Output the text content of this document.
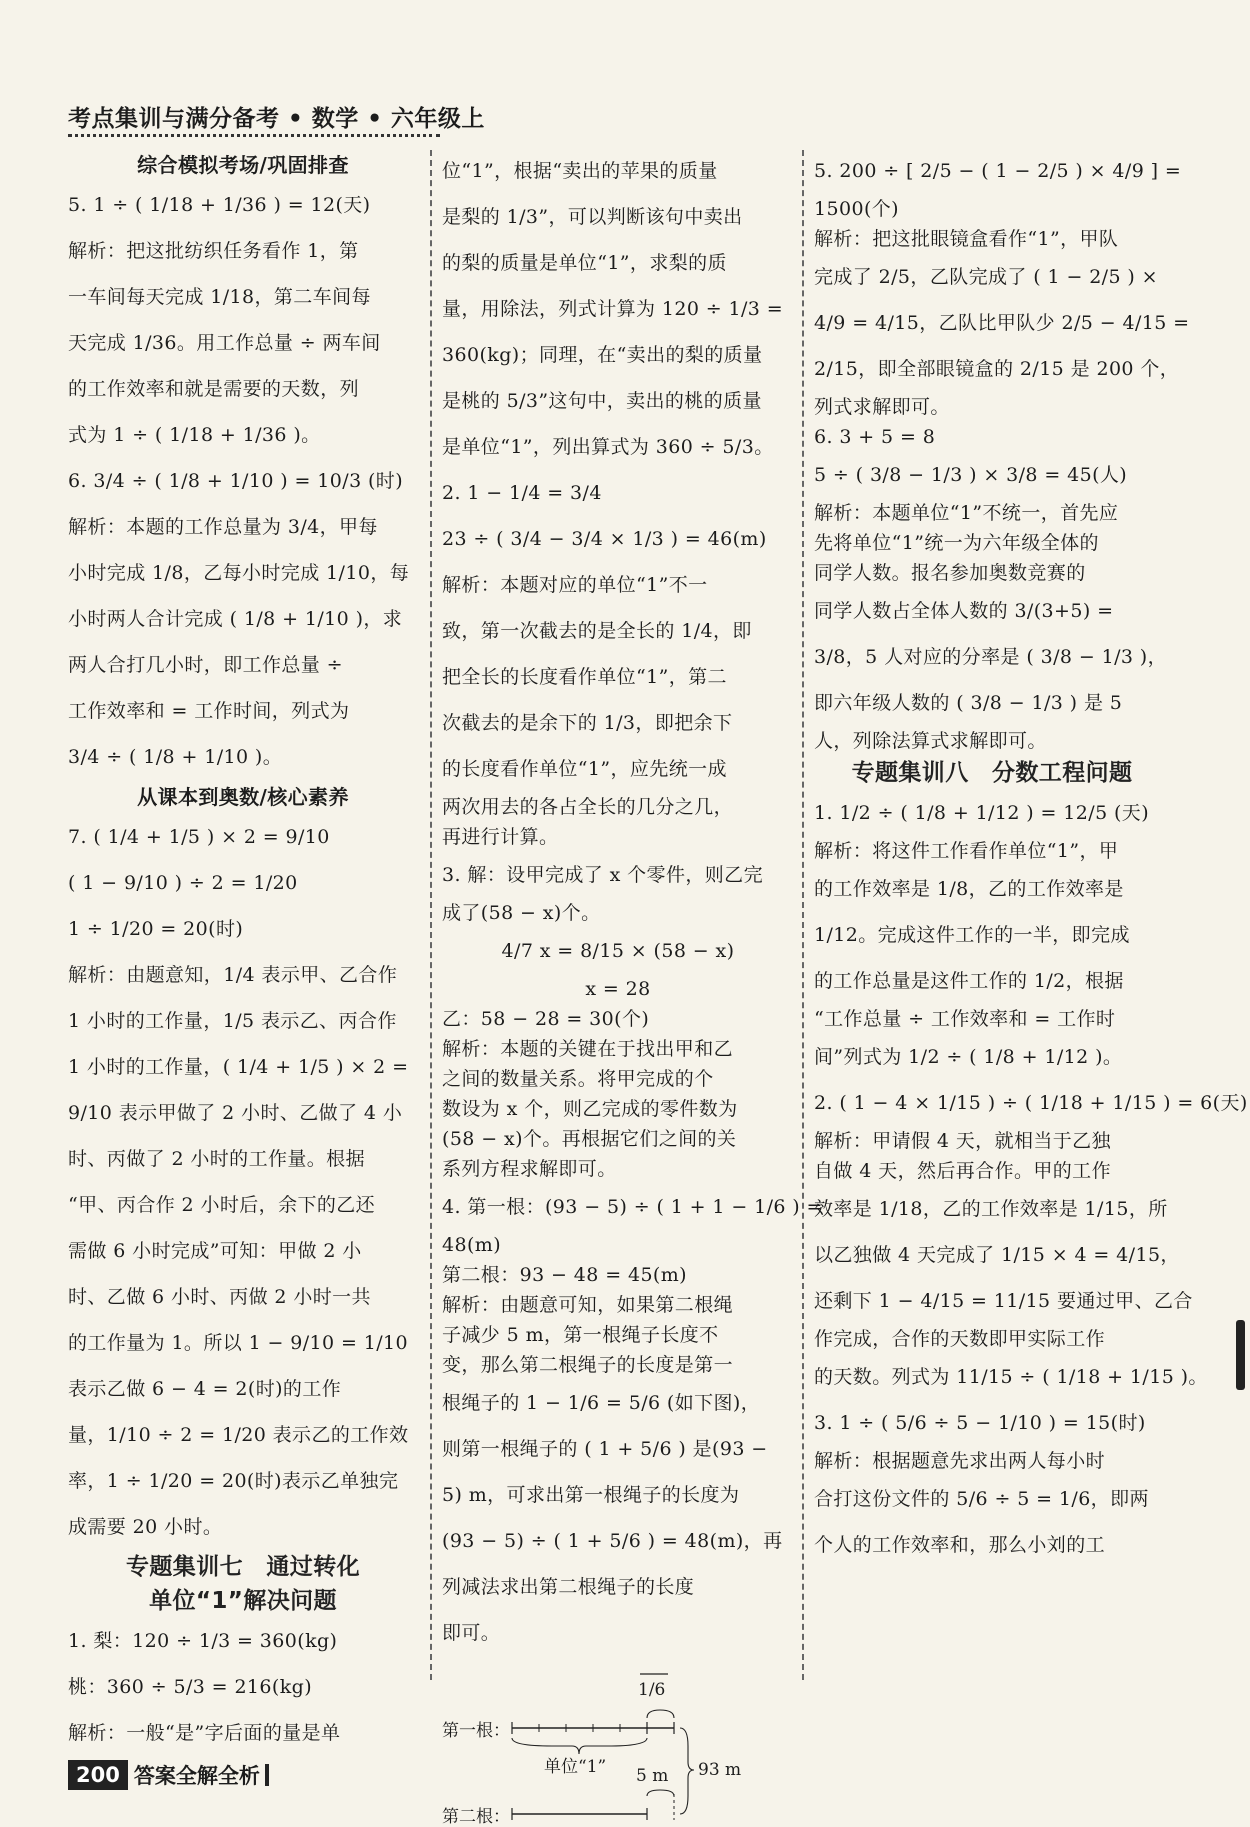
考点集训与满分备考 • 数学 • 六年级上
综合模拟考场/巩固排查
5. 1 ÷ ( 1/18 + 1/36 ) = 12(天)
解析：把这批纺织任务看作 1，第
一车间每天完成 1/18，第二车间每
天完成 1/36。用工作总量 ÷ 两车间
的工作效率和就是需要的天数，列
式为 1 ÷ ( 1/18 + 1/36 )。
6. 3/4 ÷ ( 1/8 + 1/10 ) = 10/3 (时)
解析：本题的工作总量为 3/4，甲每
小时完成 1/8，乙每小时完成 1/10，每
小时两人合计完成 ( 1/8 + 1/10 )，求
两人合打几小时，即工作总量 ÷
工作效率和 = 工作时间，列式为
3/4 ÷ ( 1/8 + 1/10 )。
从课本到奥数/核心素养
7. ( 1/4 + 1/5 ) × 2 = 9/10
( 1 − 9/10 ) ÷ 2 = 1/20
1 ÷ 1/20 = 20(时)
解析：由题意知，1/4 表示甲、乙合作
1 小时的工作量，1/5 表示乙、丙合作
1 小时的工作量，( 1/4 + 1/5 ) × 2 =
9/10 表示甲做了 2 小时、乙做了 4 小
时、丙做了 2 小时的工作量。根据
“甲、丙合作 2 小时后，余下的乙还
需做 6 小时完成”可知：甲做 2 小
时、乙做 6 小时、丙做 2 小时一共
的工作量为 1。所以 1 − 9/10 = 1/10
表示乙做 6 − 4 = 2(时)的工作
量，1/10 ÷ 2 = 1/20 表示乙的工作效
率，1 ÷ 1/20 = 20(时)表示乙单独完
成需要 20 小时。
专题集训七　通过转化
单位“1”解决问题
1. 梨：120 ÷ 1/3 = 360(kg)
桃：360 ÷ 5/3 = 216(kg)
解析：一般“是”字后面的量是单
位“1”，根据“卖出的苹果的质量
是梨的 1/3”，可以判断该句中卖出
的梨的质量是单位“1”，求梨的质
量，用除法，列式计算为 120 ÷ 1/3 =
360(kg)；同理，在“卖出的梨的质量
是桃的 5/3”这句中，卖出的桃的质量
是单位“1”，列出算式为 360 ÷ 5/3。
2. 1 − 1/4 = 3/4
23 ÷ ( 3/4 − 3/4 × 1/3 ) = 46(m)
解析：本题对应的单位“1”不一
致，第一次截去的是全长的 1/4，即
把全长的长度看作单位“1”，第二
次截去的是余下的 1/3，即把余下
的长度看作单位“1”，应先统一成
两次用去的各占全长的几分之几，
再进行计算。
3. 解：设甲完成了 x 个零件，则乙完
成了(58 − x)个。
4/7 x = 8/15 × (58 − x)
x = 28
乙：58 − 28 = 30(个)
解析：本题的关键在于找出甲和乙
之间的数量关系。将甲完成的个
数设为 x 个，则乙完成的零件数为
(58 − x)个。再根据它们之间的关
系列方程求解即可。
4. 第一根：(93 − 5) ÷ ( 1 + 1 − 1/6 ) =
48(m)
第二根：93 − 48 = 45(m)
解析：由题意可知，如果第二根绳
子减少 5 m，第一根绳子长度不
变，那么第二根绳子的长度是第一
根绳子的 1 − 1/6 = 5/6 (如下图)，
则第一根绳子的 ( 1 + 5/6 ) 是(93 −
5) m，可求出第一根绳子的长度为
(93 − 5) ÷ ( 1 + 5/6 ) = 48(m)，再
列减法求出第二根绳子的长度
即可。
1/6
第一根：
单位“1” 5 m 93 m
第二根：
5. 200 ÷ [ 2/5 − ( 1 − 2/5 ) × 4/9 ] =
1500(个)
解析：把这批眼镜盒看作“1”，甲队
完成了 2/5，乙队完成了 ( 1 − 2/5 ) ×
4/9 = 4/15，乙队比甲队少 2/5 − 4/15 =
2/15，即全部眼镜盒的 2/15 是 200 个，
列式求解即可。
6. 3 + 5 = 8
5 ÷ ( 3/8 − 1/3 ) × 3/8 = 45(人)
解析：本题单位“1”不统一，首先应
先将单位“1”统一为六年级全体的
同学人数。报名参加奥数竞赛的
同学人数占全体人数的 3/(3+5) =
3/8，5 人对应的分率是 ( 3/8 − 1/3 )，
即六年级人数的 ( 3/8 − 1/3 ) 是 5
人，列除法算式求解即可。
专题集训八　分数工程问题
1. 1/2 ÷ ( 1/8 + 1/12 ) = 12/5 (天)
解析：将这件工作看作单位“1”，甲
的工作效率是 1/8，乙的工作效率是
1/12。完成这件工作的一半，即完成
的工作总量是这件工作的 1/2，根据
“工作总量 ÷ 工作效率和 = 工作时
间”列式为 1/2 ÷ ( 1/8 + 1/12 )。
2. ( 1 − 4 × 1/15 ) ÷ ( 1/18 + 1/15 ) = 6(天)
解析：甲请假 4 天，就相当于乙独
自做 4 天，然后再合作。甲的工作
效率是 1/18，乙的工作效率是 1/15，所
以乙独做 4 天完成了 1/15 × 4 = 4/15，
还剩下 1 − 4/15 = 11/15 要通过甲、乙合
作完成，合作的天数即甲实际工作
的天数。列式为 11/15 ÷ ( 1/18 + 1/15 )。
3. 1 ÷ ( 5/6 ÷ 5 − 1/10 ) = 15(时)
解析：根据题意先求出两人每小时
合打这份文件的 5/6 ÷ 5 = 1/6，即两
个人的工作效率和，那么小刘的工
200 答案全解全析
